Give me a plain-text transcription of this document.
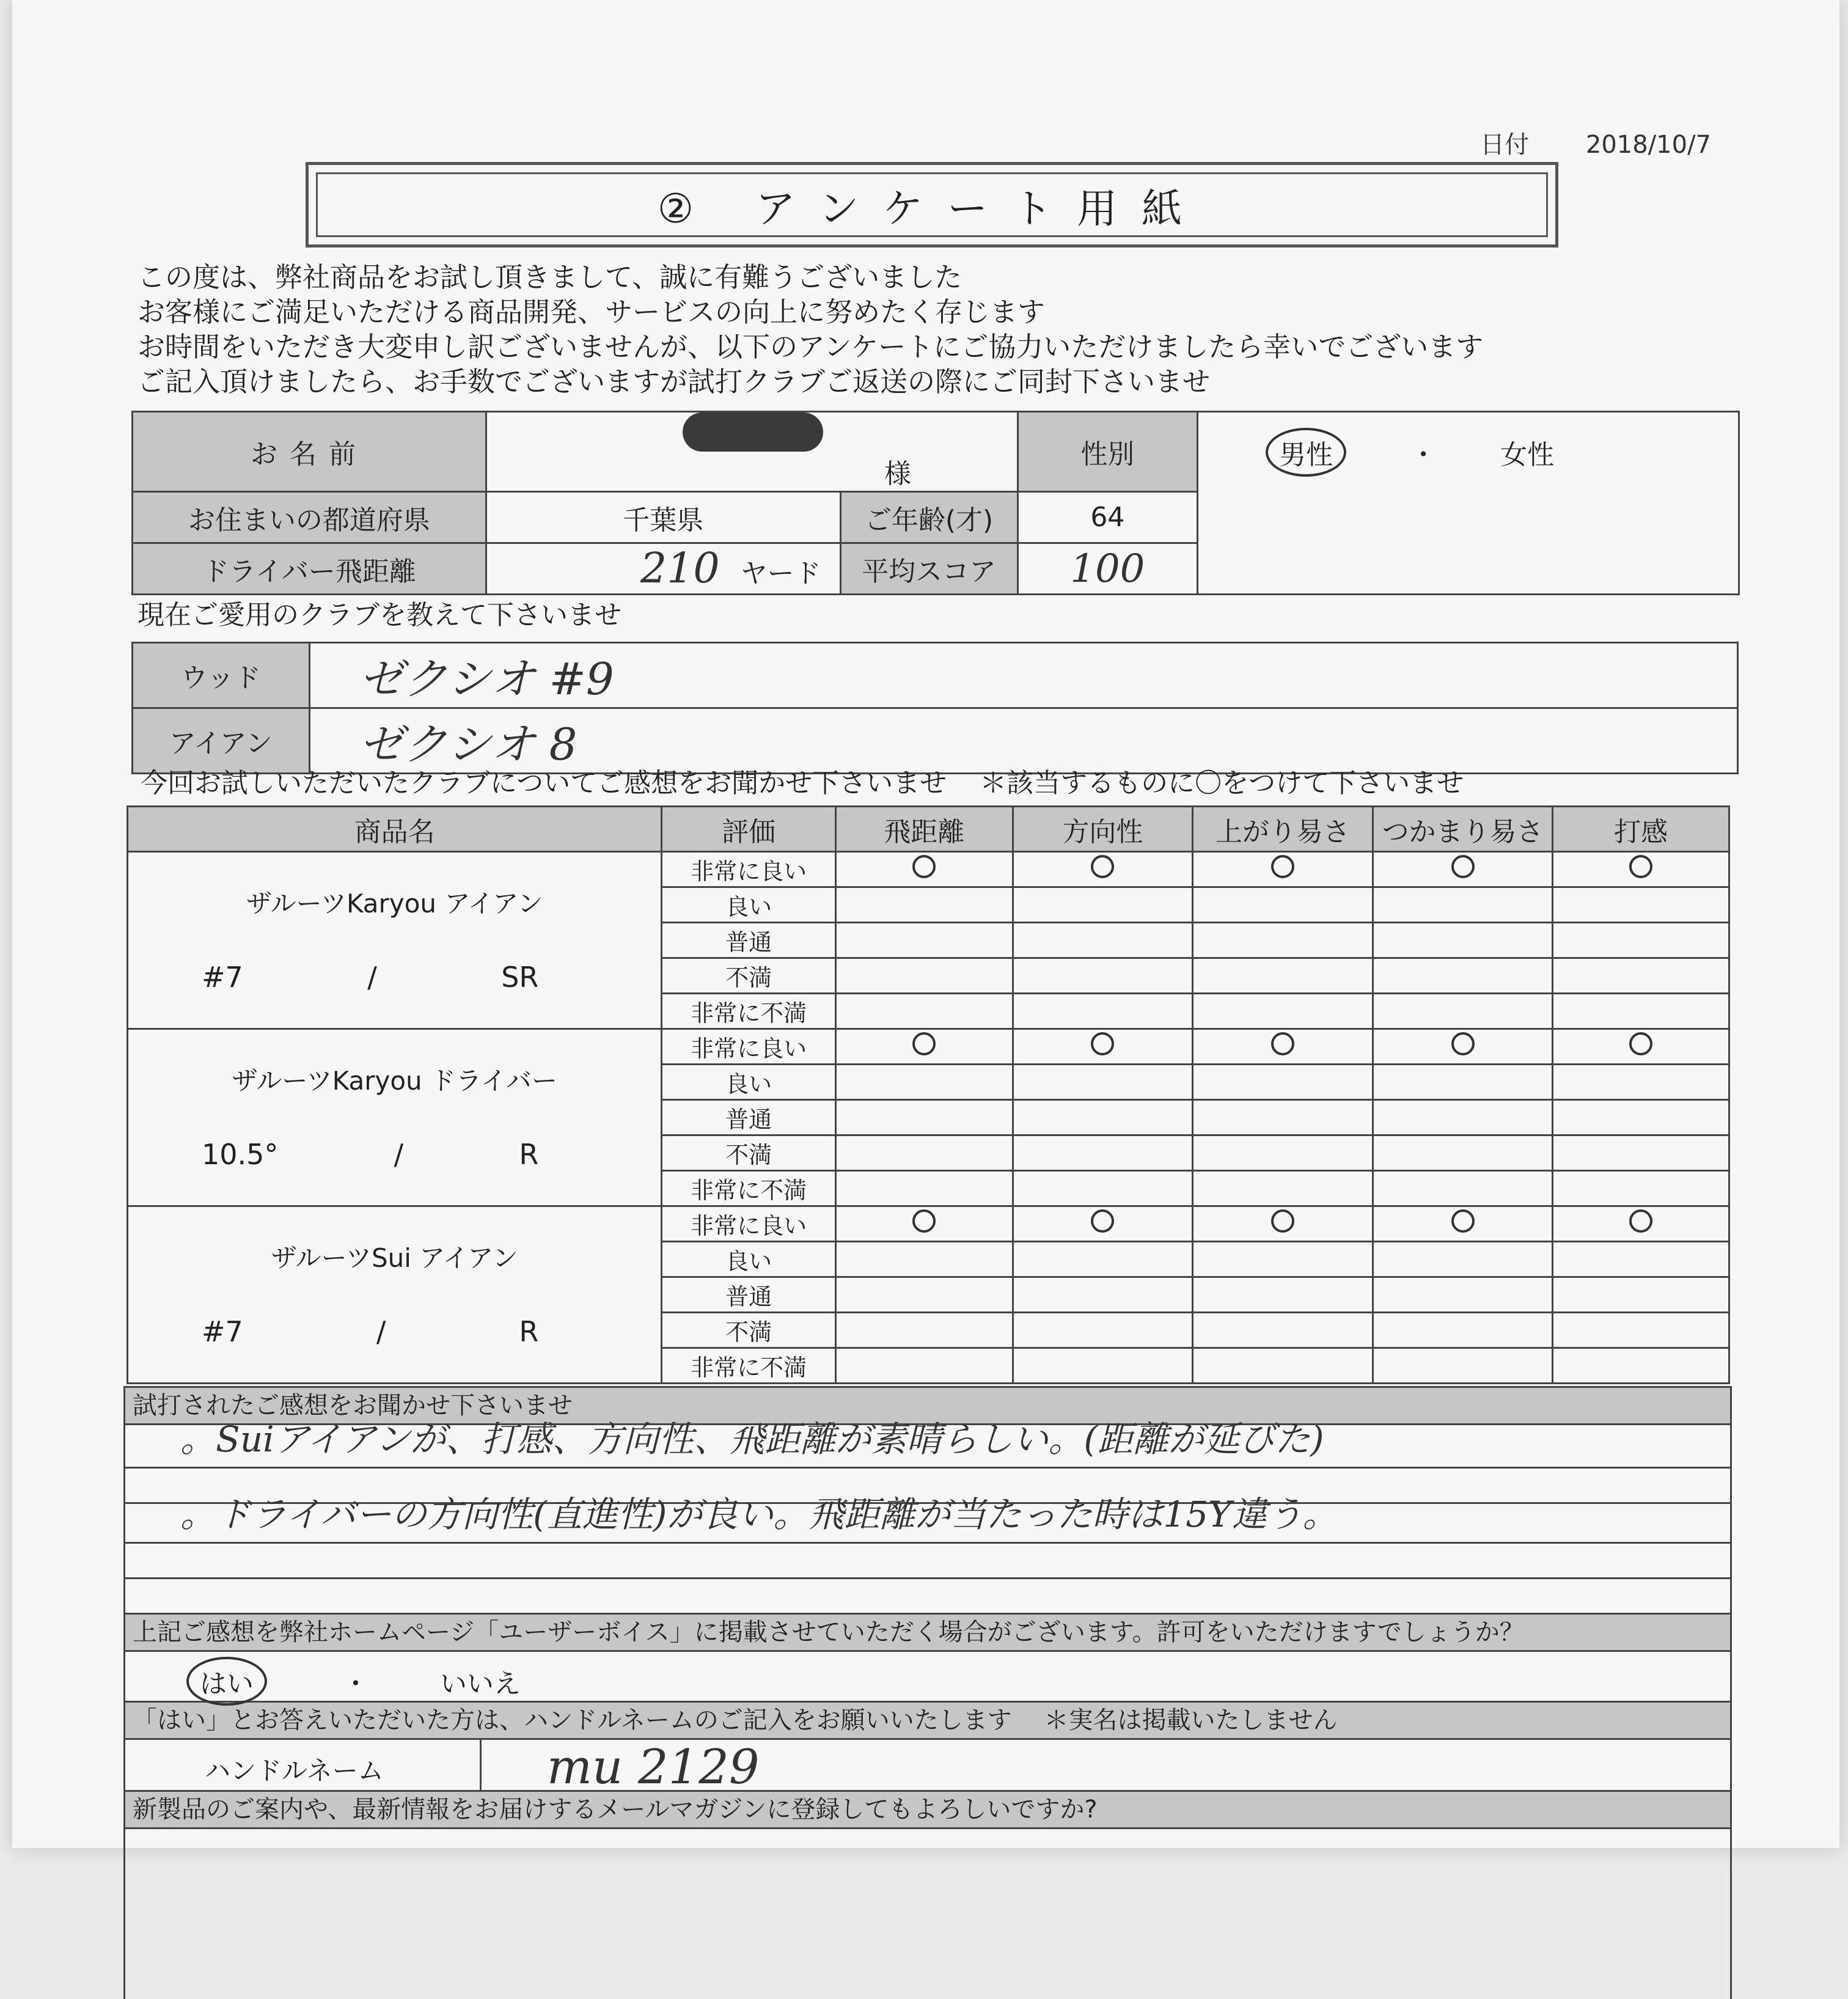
日付 2018/10/7
② アンケート用紙
この度は、弊社商品をお試し頂きまして、誠に有難うございました
お客様にご満足いただける商品開発、サービスの向上に努めたく存じます
お時間をいただき大変申し訳ございませんが、以下のアンケートにご協力いただけましたら幸いでございます
ご記入頂けましたら、お手数でございますが試打クラブご返送の際にご同封下さいませ
お名前	様		性別	男性 ・ 女性
お住まいの都道府県	千葉県	ご年齢(才)	64	
ドライバー飛距離	210 ヤード	平均スコア	100	
現在ご愛用のクラブを教えて下さいませ
ウッド	ゼクシオ #9
アイアン	ゼクシオ 8
今回お試しいただいたクラブについてご感想をお聞かせ下さいませ ＊該当するものに〇をつけて下さいませ
商品名	評価	飛距離	方向性	上がり易さ	つかまり易さ	打感

ザルーツKaryou アイアン
#7 / SR	非常に良い					
	良い					
	普通					
	不満					
	非常に不満					

ザルーツKaryou ドライバー
10.5° / R	非常に良い					
	良い					
	普通					
	不満					
	非常に不満					

ザルーツSui アイアン
#7 / R	非常に良い					
	良い					
	普通					
	不満					
	非常に不満					
試打されたご感想をお聞かせ下さいませ
。Suiアイアンが、打感、方向性、飛距離が素晴らしい。(距離が延びた)
。ドライバーの方向性(直進性)が良い。飛距離が当たった時は15Y違う。
上記ご感想を弊社ホームページ「ユーザーボイス」に掲載させていただく場合がございます。許可をいただけますでしょうか？
はい	・	いいえ
「はい」とお答えいただいた方は、ハンドルネームのご記入をお願いいたします ＊実名は掲載いたしません
ハンドルネーム	mu 2129
新製品のご案内や、最新情報をお届けするメールマガジンに登録してもよろしいですか?
